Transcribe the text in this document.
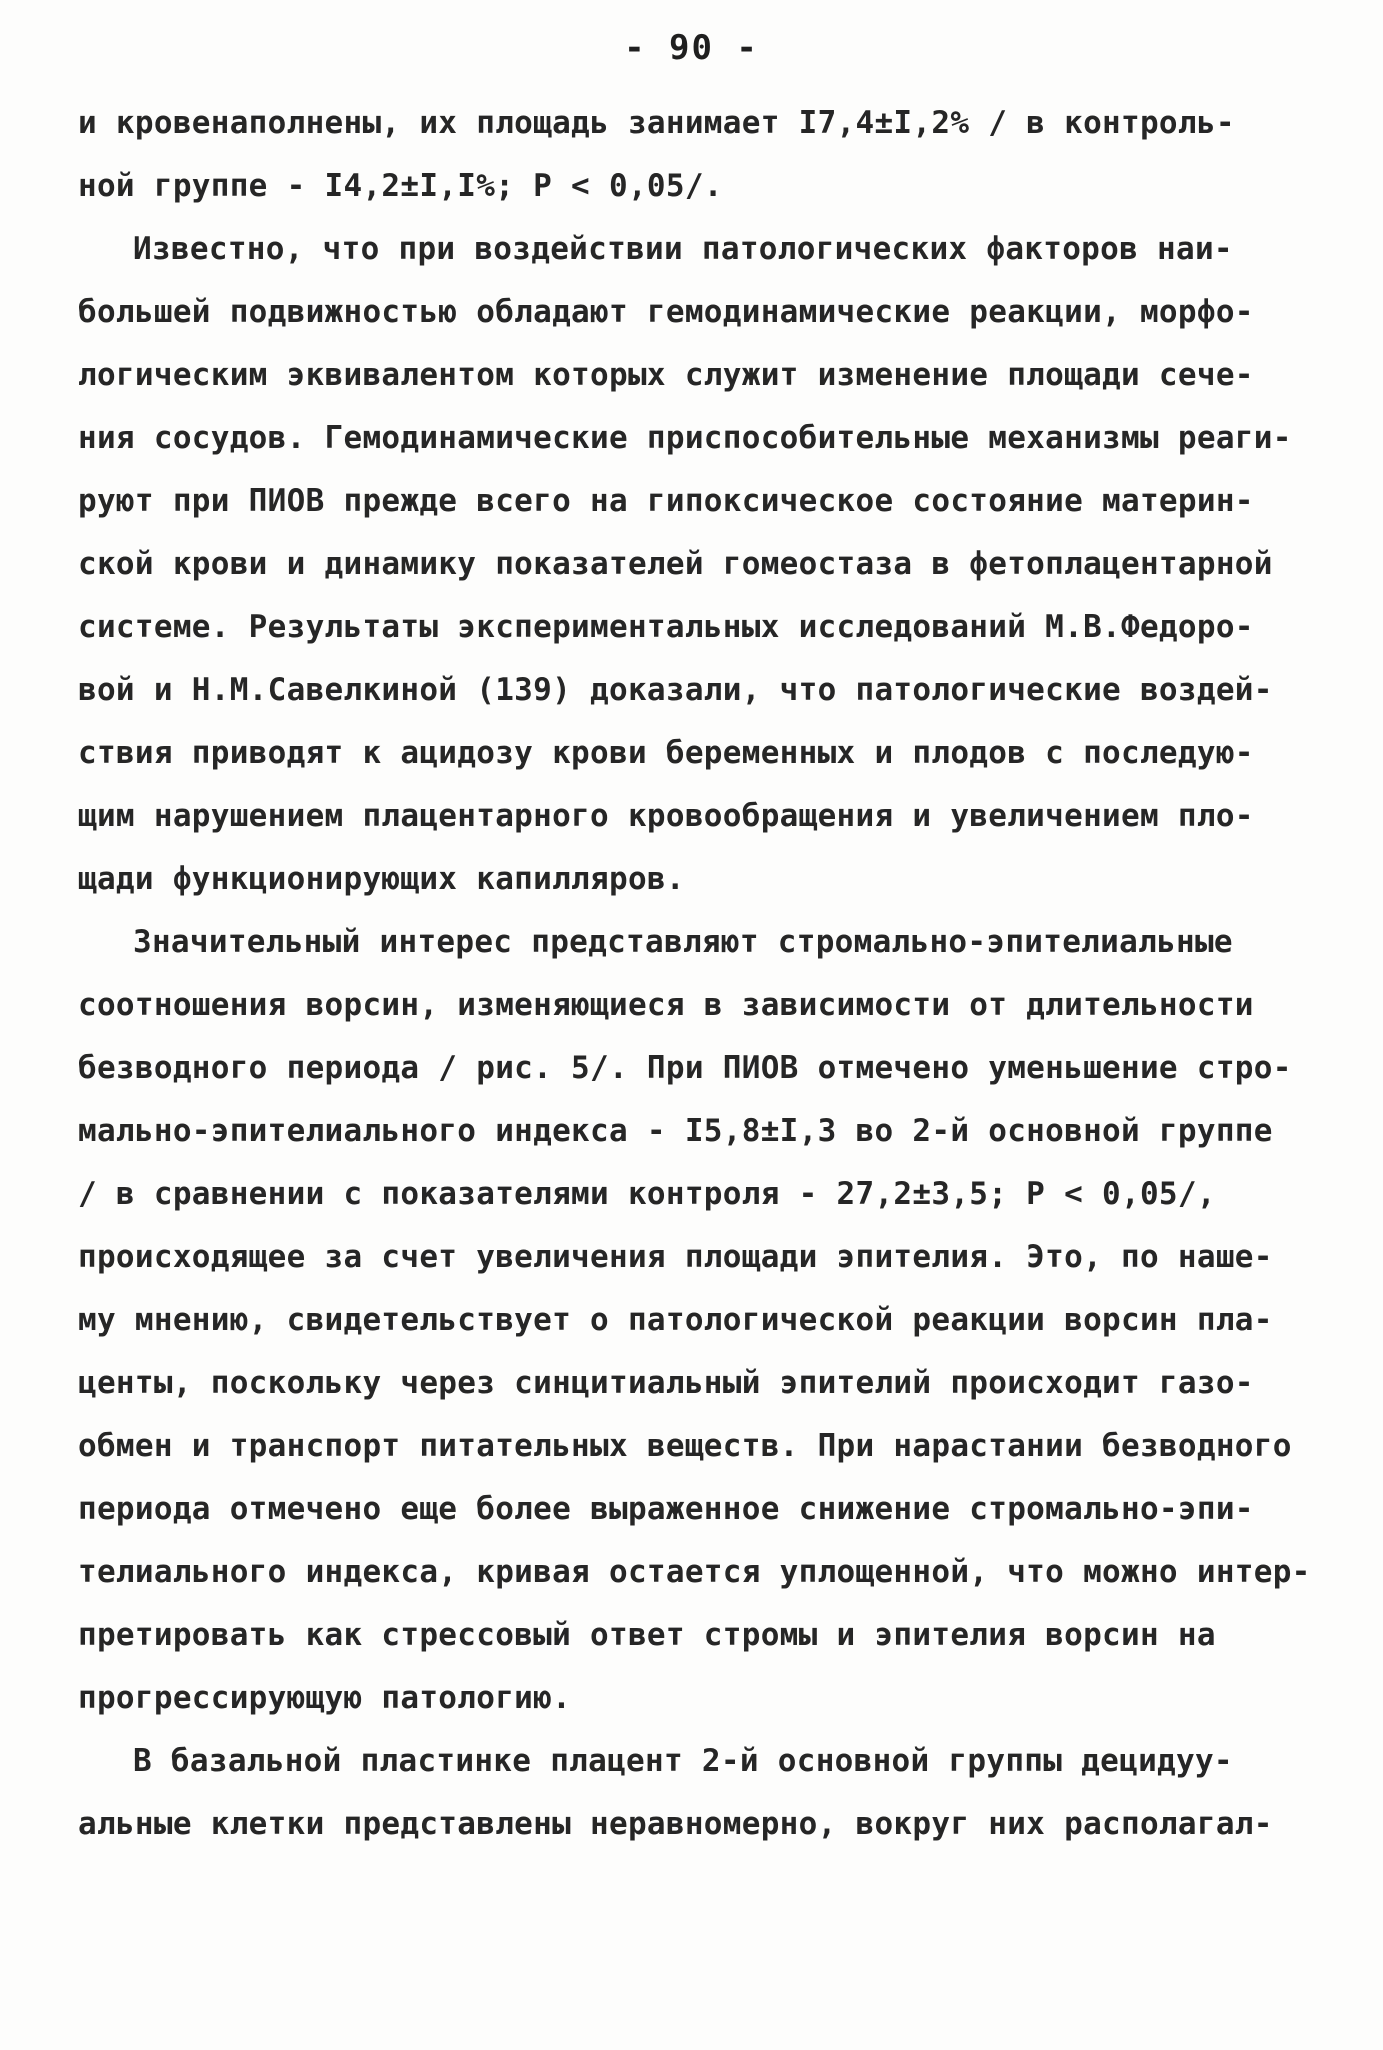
- 90 -
и кровенаполнены, их площадь занимает I7,4±I,2% / в контроль-
ной группе - I4,2±I,I%; P < 0,05/.
Известно, что при воздействии патологических факторов наи-
большей подвижностью обладают гемодинамические реакции, морфо-
логическим эквивалентом которых служит изменение площади сече-
ния сосудов. Гемодинамические приспособительные механизмы реаги-
руют при ПИОВ прежде всего на гипоксическое состояние материн-
ской крови и динамику показателей гомеостаза в фетоплацентарной
системе. Результаты экспериментальных исследований М.В.Федоро-
вой и Н.М.Савелкиной (139) доказали, что патологические воздей-
ствия приводят к ацидозу крови беременных и плодов с последую-
щим нарушением плацентарного кровообращения и увеличением пло-
щади функционирующих капилляров.
Значительный интерес представляют стромально-эпителиальные
соотношения ворсин, изменяющиеся в зависимости от длительности
безводного периода / рис. 5/. При ПИОВ отмечено уменьшение стро-
мально-эпителиального индекса - I5,8±I,3 во 2-й основной группе
/ в сравнении с показателями контроля - 27,2±3,5; P < 0,05/,
происходящее за счет увеличения площади эпителия. Это, по наше-
му мнению, свидетельствует о патологической реакции ворсин пла-
центы, поскольку через синцитиальный эпителий происходит газо-
обмен и транспорт питательных веществ. При нарастании безводного
периода отмечено еще более выраженное снижение стромально-эпи-
телиального индекса, кривая остается уплощенной, что можно интер-
претировать как стрессовый ответ стромы и эпителия ворсин на
прогрессирующую патологию.
В базальной пластинке плацент 2-й основной группы децидуу-
альные клетки представлены неравномерно, вокруг них располагал-
